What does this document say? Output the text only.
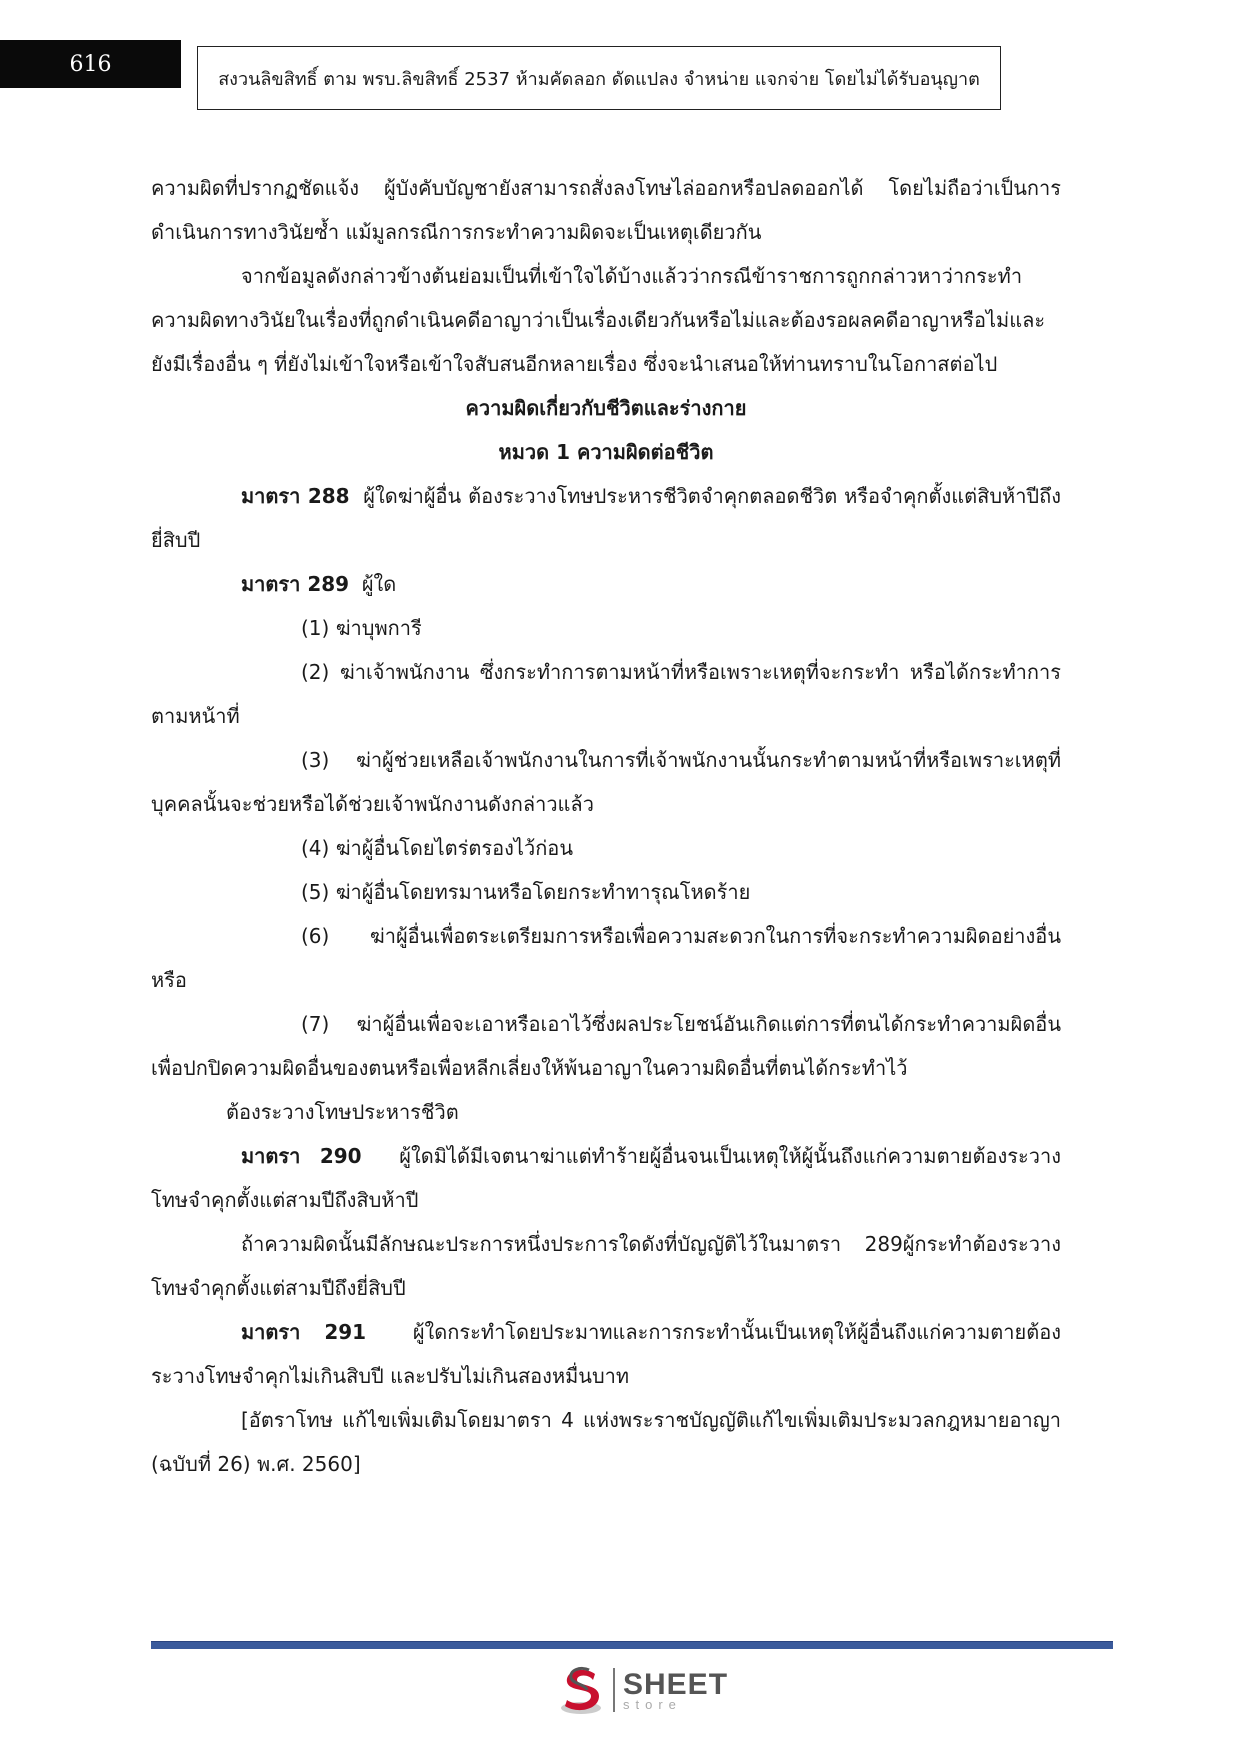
616
สงวนลิขสิทธิ์ ตาม พรบ.ลิขสิทธิ์ 2537 ห้ามคัดลอก ดัดแปลง จำหน่าย แจกจ่าย โดยไม่ได้รับอนุญาต

ความผิดที่ปรากฏชัดแจ้ง ผู้บังคับบัญชายังสามารถสั่งลงโทษไล่ออกหรือปลดออกได้ โดยไม่ถือว่าเป็นการดำเนินการทางวินัยซ้ำ แม้มูลกรณีการกระทำความผิดจะเป็นเหตุเดียวกัน

จากข้อมูลดังกล่าวข้างต้นย่อมเป็นที่เข้าใจได้บ้างแล้วว่ากรณีข้าราชการถูกกล่าวหาว่ากระทำความผิดทางวินัยในเรื่องที่ถูกดำเนินคดีอาญาว่าเป็นเรื่องเดียวกันหรือไม่และต้องรอผลคดีอาญาหรือไม่และยังมีเรื่องอื่น ๆ ที่ยังไม่เข้าใจหรือเข้าใจสับสนอีกหลายเรื่อง ซึ่งจะนำเสนอให้ท่านทราบในโอกาสต่อไป

ความผิดเกี่ยวกับชีวิตและร่างกาย

หมวด 1 ความผิดต่อชีวิต

มาตรา 288 ผู้ใดฆ่าผู้อื่น ต้องระวางโทษประหารชีวิตจำคุกตลอดชีวิต หรือจำคุกตั้งแต่สิบห้าปีถึงยี่สิบปี

มาตรา 289 ผู้ใด

(1) ฆ่าบุพการี

(2) ฆ่าเจ้าพนักงาน ซึ่งกระทำการตามหน้าที่หรือเพราะเหตุที่จะกระทำ หรือได้กระทำการตามหน้าที่

(3) ฆ่าผู้ช่วยเหลือเจ้าพนักงานในการที่เจ้าพนักงานนั้นกระทำตามหน้าที่หรือเพราะเหตุที่บุคคลนั้นจะช่วยหรือได้ช่วยเจ้าพนักงานดังกล่าวแล้ว

(4) ฆ่าผู้อื่นโดยไตร่ตรองไว้ก่อน

(5) ฆ่าผู้อื่นโดยทรมานหรือโดยกระทำทารุณโหดร้าย

(6) ฆ่าผู้อื่นเพื่อตระเตรียมการหรือเพื่อความสะดวกในการที่จะกระทำความผิดอย่างอื่นหรือ

(7) ฆ่าผู้อื่นเพื่อจะเอาหรือเอาไว้ซึ่งผลประโยชน์อันเกิดแต่การที่ตนได้กระทำความผิดอื่นเพื่อปกปิดความผิดอื่นของตนหรือเพื่อหลีกเลี่ยงให้พ้นอาญาในความผิดอื่นที่ตนได้กระทำไว้

ต้องระวางโทษประหารชีวิต

มาตรา 290 ผู้ใดมิได้มีเจตนาฆ่าแต่ทำร้ายผู้อื่นจนเป็นเหตุให้ผู้นั้นถึงแก่ความตายต้องระวางโทษจำคุกตั้งแต่สามปีถึงสิบห้าปี

ถ้าความผิดนั้นมีลักษณะประการหนึ่งประการใดดังที่บัญญัติไว้ในมาตรา 289ผู้กระทำต้องระวางโทษจำคุกตั้งแต่สามปีถึงยี่สิบปี

มาตรา 291 ผู้ใดกระทำโดยประมาทและการกระทำนั้นเป็นเหตุให้ผู้อื่นถึงแก่ความตายต้องระวางโทษจำคุกไม่เกินสิบปี และปรับไม่เกินสองหมื่นบาท

[อัตราโทษ แก้ไขเพิ่มเติมโดยมาตรา 4 แห่งพระราชบัญญัติแก้ไขเพิ่มเติมประมวลกฎหมายอาญา (ฉบับที่ 26) พ.ศ. 2560]

SHEET
store
